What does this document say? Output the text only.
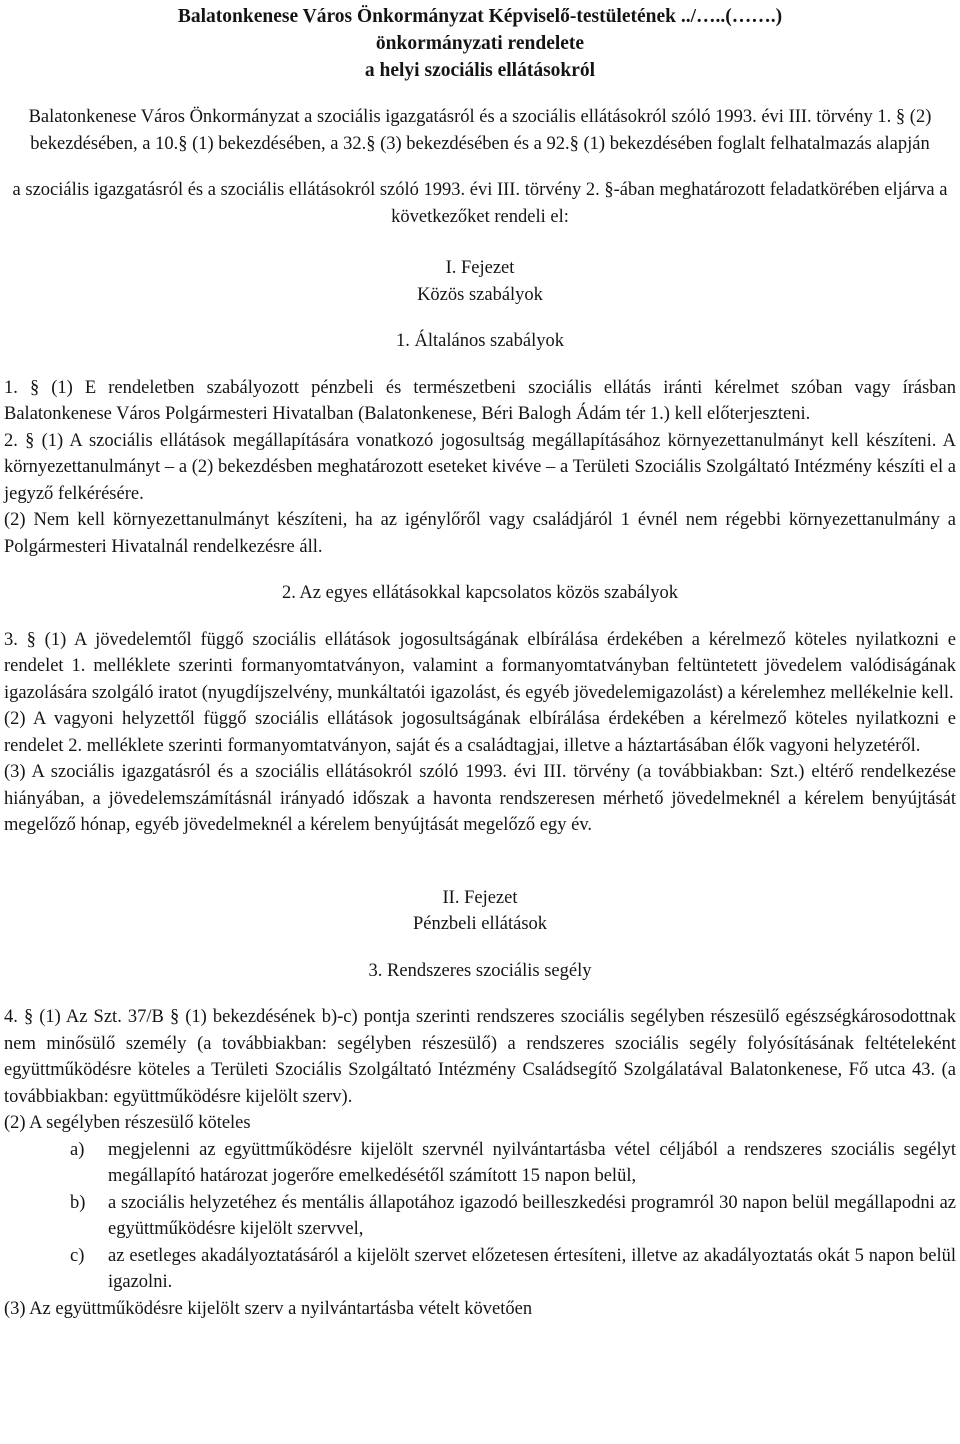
Balatonkenese Város Önkormányzat Képviselő-testületének ../…..(…….)

önkormányzati rendelete

a helyi szociális ellátásokról

Balatonkenese Város Önkormányzat a szociális igazgatásról és a szociális ellátásokról szóló 1993. évi III. törvény 1. § (2) bekezdésében, a 10.§ (1) bekezdésében, a 32.§ (3) bekezdésében és a 92.§ (1) bekezdésében foglalt felhatalmazás alapján

a szociális igazgatásról és a szociális ellátásokról szóló 1993. évi III. törvény 2. §-ában meghatározott feladatkörében eljárva a következőket rendeli el:

I. Fejezet

Közös szabályok

1. Általános szabályok

1. § (1) E rendeletben szabályozott pénzbeli és természetbeni szociális ellátás iránti kérelmet szóban vagy írásban Balatonkenese Város Polgármesteri Hivatalban (Balatonkenese, Béri Balogh Ádám tér 1.) kell előterjeszteni.

2. § (1) A szociális ellátások megállapítására vonatkozó jogosultság megállapításához környezettanulmányt kell készíteni. A környezettanulmányt – a (2) bekezdésben meghatározott eseteket kivéve – a Területi Szociális Szolgáltató Intézmény készíti el a jegyző felkérésére.

(2) Nem kell környezettanulmányt készíteni, ha az igénylőről vagy családjáról 1 évnél nem régebbi környezettanulmány a Polgármesteri Hivatalnál rendelkezésre áll.

2. Az egyes ellátásokkal kapcsolatos közös szabályok

3. § (1) A jövedelemtől függő szociális ellátások jogosultságának elbírálása érdekében a kérelmező köteles nyilatkozni e rendelet 1. melléklete szerinti formanyomtatványon, valamint a formanyomtatványban feltüntetett jövedelem valódiságának igazolására szolgáló iratot (nyugdíjszelvény, munkáltatói igazolást, és egyéb jövedelemigazolást) a kérelemhez mellékelnie kell.

(2) A vagyoni helyzettől függő szociális ellátások jogosultságának elbírálása érdekében a kérelmező köteles nyilatkozni e rendelet 2. melléklete szerinti formanyomtatványon, saját és a családtagjai, illetve a háztartásában élők vagyoni helyzetéről.

(3) A szociális igazgatásról és a szociális ellátásokról szóló 1993. évi III. törvény (a továbbiakban: Szt.) eltérő rendelkezése hiányában, a jövedelemszámításnál irányadó időszak a havonta rendszeresen mérhető jövedelmeknél a kérelem benyújtását megelőző hónap, egyéb jövedelmeknél a kérelem benyújtását megelőző egy év.

II. Fejezet

Pénzbeli ellátások

3. Rendszeres szociális segély

4. § (1) Az Szt. 37/B § (1) bekezdésének b)-c) pontja szerinti rendszeres szociális segélyben részesülő egészségkárosodottnak nem minősülő személy (a továbbiakban: segélyben részesülő) a rendszeres szociális segély folyósításának feltételeként együttműködésre köteles a Területi Szociális Szolgáltató Intézmény Családsegítő Szolgálatával Balatonkenese, Fő utca 43. (a továbbiakban: együttműködésre kijelölt szerv).

(2) A segélyben részesülő köteles

a)	megjelenni az együttműködésre kijelölt szervnél nyilvántartásba vétel céljából a rendszeres szociális segélyt megállapító határozat jogerőre emelkedésétől számított 15 napon belül,
b)	a szociális helyzetéhez és mentális állapotához igazodó beilleszkedési programról 30 napon belül megállapodni az együttműködésre kijelölt szervvel,
c)	az esetleges akadályoztatásáról a kijelölt szervet előzetesen értesíteni, illetve az akadályoztatás okát 5 napon belül igazolni.

(3) Az együttműködésre kijelölt szerv a nyilvántartásba vételt követően
